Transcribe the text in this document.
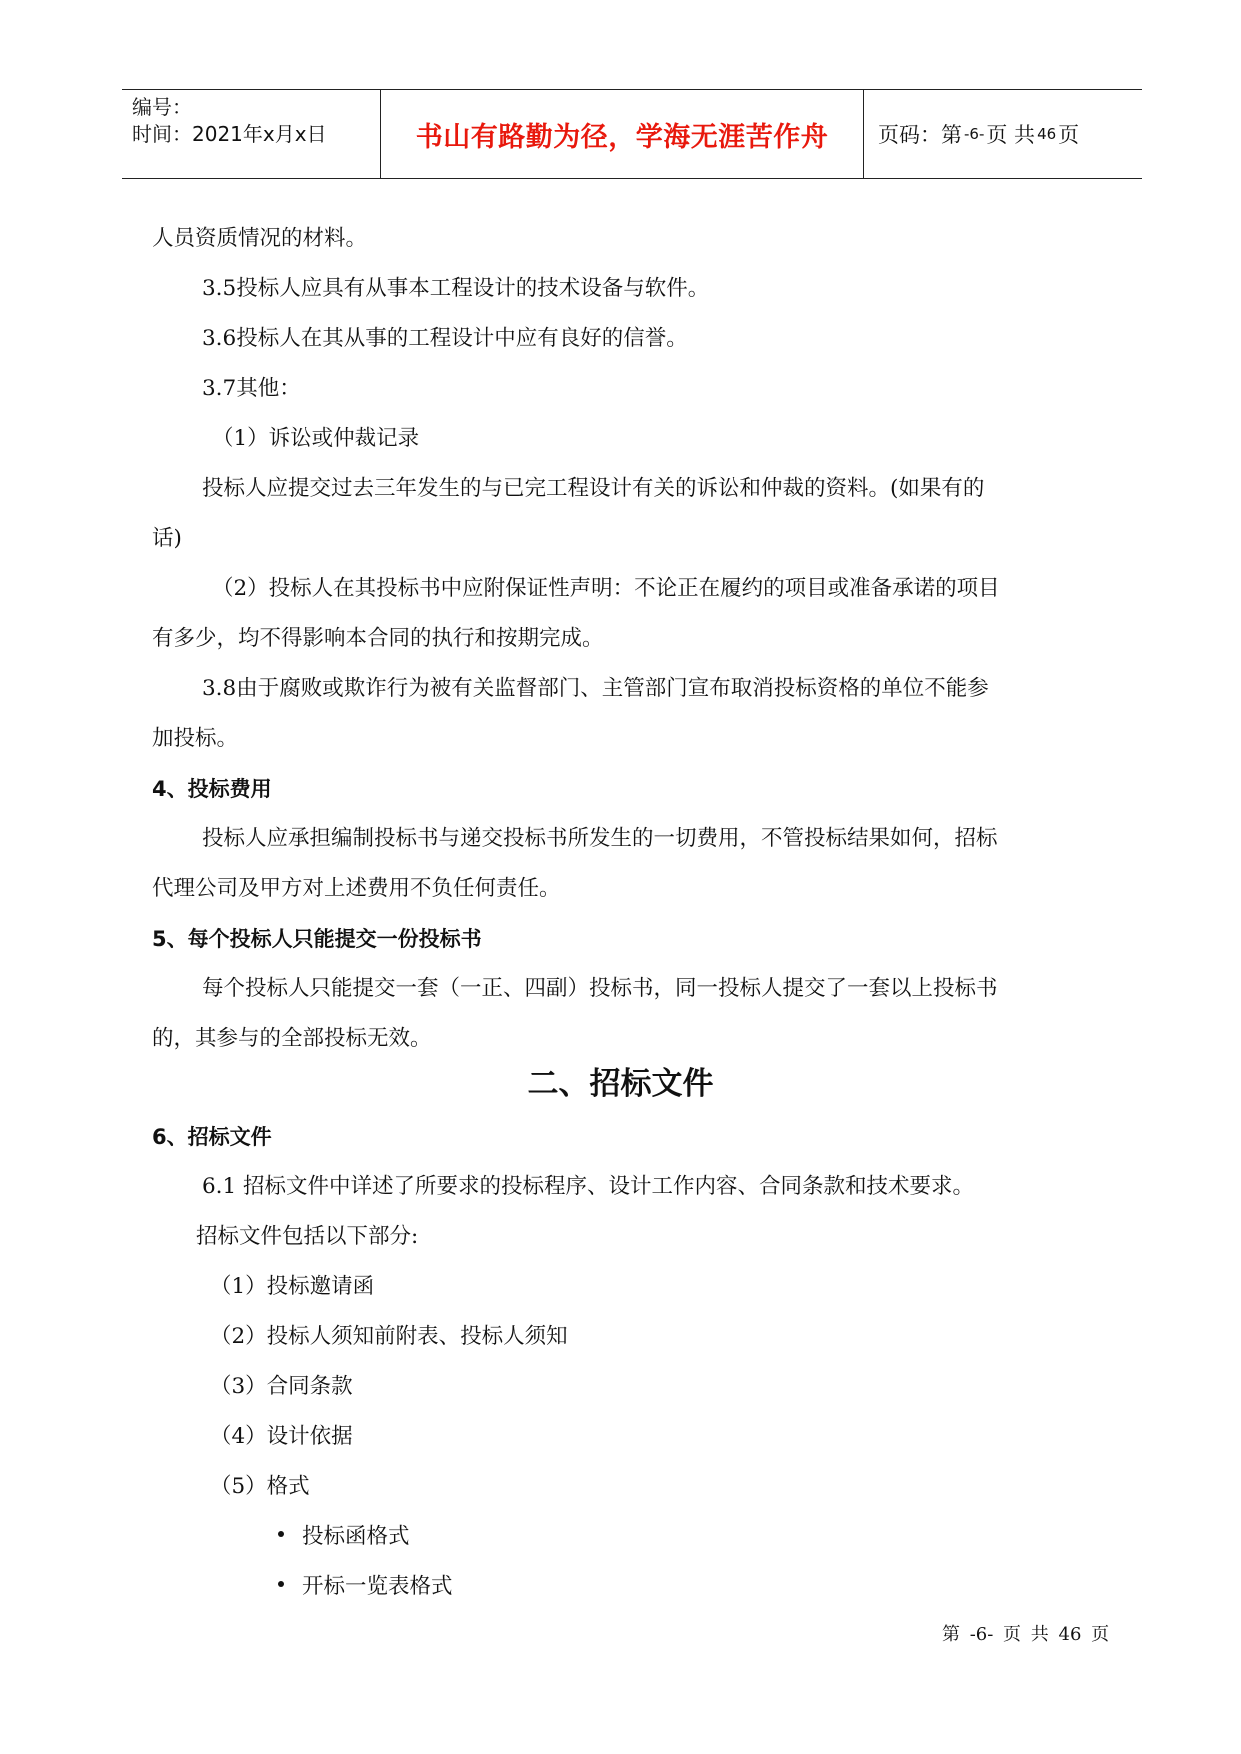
编号：
时间：2021年x月x日	书山有路勤为径，学海无涯苦作舟	页码：第 -6- 页 共 46 页
人员资质情况的材料。
3.5投标人应具有从事本工程设计的技术设备与软件。
3.6投标人在其从事的工程设计中应有良好的信誉。
3.7其他：
（1）诉讼或仲裁记录
投标人应提交过去三年发生的与已完工程设计有关的诉讼和仲裁的资料。(如果有的
话)
（2）投标人在其投标书中应附保证性声明：不论正在履约的项目或准备承诺的项目
有多少，均不得影响本合同的执行和按期完成。
3.8由于腐败或欺诈行为被有关监督部门、主管部门宣布取消投标资格的单位不能参
加投标。
4、投标费用
投标人应承担编制投标书与递交投标书所发生的一切费用，不管投标结果如何，招标
代理公司及甲方对上述费用不负任何责任。
5、每个投标人只能提交一份投标书
每个投标人只能提交一套（一正、四副）投标书，同一投标人提交了一套以上投标书
的，其参与的全部投标无效。
二、招标文件
6、招标文件
6.1 招标文件中详述了所要求的投标程序、设计工作内容、合同条款和技术要求。
招标文件包括以下部分:
（1）投标邀请函
（2）投标人须知前附表、投标人须知
（3）合同条款
（4）设计依据
（5）格式
投标函格式
开标一览表格式
第 -6- 页 共 46 页
